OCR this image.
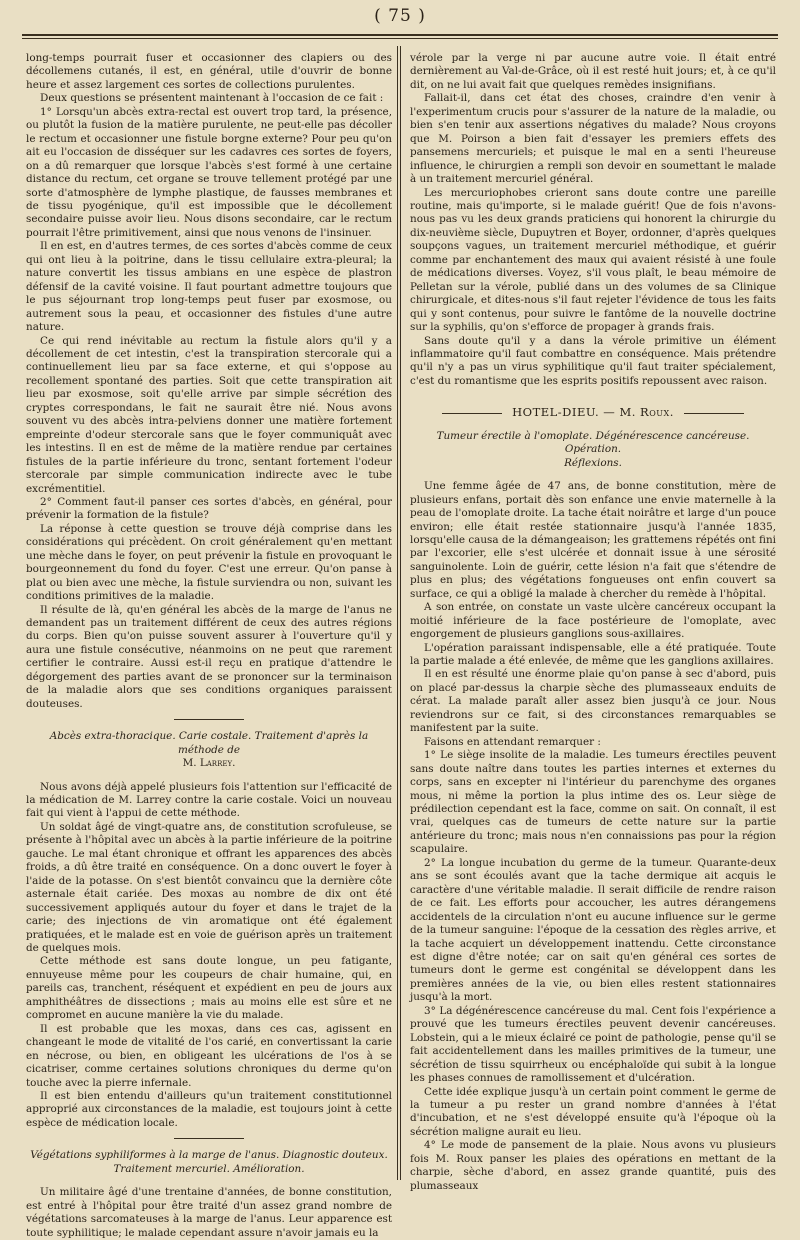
( 75 )

long-temps pourrait fuser et occasionner des clapiers ou des décollemens cutanés, il est, en général, utile d'ouvrir de bonne heure et assez largement ces sortes de collections purulentes.

Deux questions se présentent maintenant à l'occasion de ce fait :

1° Lorsqu'un abcès extra-rectal est ouvert trop tard, la présence, ou plutôt la fusion de la matière purulente, ne peut-elle pas décoller le rectum et occasionner une fistule borgne externe? Pour peu qu'on ait eu l'occasion de disséquer sur les cadavres ces sortes de foyers, on a dû remarquer que lorsque l'abcès s'est formé à une certaine distance du rectum, cet organe se trouve tellement protégé par une sorte d'atmosphère de lymphe plastique, de fausses membranes et de tissu pyogénique, qu'il est impossible que le décollement secondaire puisse avoir lieu. Nous disons secondaire, car le rectum pourrait l'être primitivement, ainsi que nous venons de l'insinuer.

Il en est, en d'autres termes, de ces sortes d'abcès comme de ceux qui ont lieu à la poitrine, dans le tissu cellulaire extra-pleural; la nature convertit les tissus ambians en une espèce de plastron défensif de la cavité voisine. Il faut pourtant admettre toujours que le pus séjournant trop long-temps peut fuser par exosmose, ou autrement sous la peau, et occasionner des fistules d'une autre nature.

Ce qui rend inévitable au rectum la fistule alors qu'il y a décollement de cet intestin, c'est la transpiration stercorale qui a continuellement lieu par sa face externe, et qui s'oppose au recollement spontané des parties. Soit que cette transpiration ait lieu par exosmose, soit qu'elle arrive par simple sécrétion des cryptes correspondans, le fait ne saurait être nié. Nous avons souvent vu des abcès intra-pelviens donner une matière fortement empreinte d'odeur stercorale sans que le foyer communiquât avec les intestins. Il en est de même de la matière rendue par certaines fistules de la partie inférieure du tronc, sentant fortement l'odeur stercorale par simple communication indirecte avec le tube excrémentitiel.

2° Comment faut-il panser ces sortes d'abcès, en général, pour prévenir la formation de la fistule?

La réponse à cette question se trouve déjà comprise dans les considérations qui précèdent. On croit généralement qu'en mettant une mèche dans le foyer, on peut prévenir la fistule en provoquant le bourgeonnement du fond du foyer. C'est une erreur. Qu'on panse à plat ou bien avec une mèche, la fistule surviendra ou non, suivant les conditions primitives de la maladie.

Il résulte de là, qu'en général les abcès de la marge de l'anus ne demandent pas un traitement différent de ceux des autres régions du corps. Bien qu'on puisse souvent assurer à l'ouverture qu'il y aura une fistule consécutive, néanmoins on ne peut que rarement certifier le contraire. Aussi est-il reçu en pratique d'attendre le dégorgement des parties avant de se prononcer sur la terminaison de la maladie alors que ses conditions organiques paraissent douteuses.

Abcès extra-thoracique. Carie costale. Traitement d'après la méthode de
M. Larrey.

Nous avons déjà appelé plusieurs fois l'attention sur l'efficacité de la médication de M. Larrey contre la carie costale. Voici un nouveau fait qui vient à l'appui de cette méthode.

Un soldat âgé de vingt-quatre ans, de constitution scrofuleuse, se présente à l'hôpital avec un abcès à la partie inférieure de la poitrine gauche. Le mal étant chronique et offrant les apparences des abcès froids, a dû être traité en conséquence. On a donc ouvert le foyer à l'aide de la potasse. On s'est bientôt convaincu que la dernière côte asternale était cariée. Des moxas au nombre de dix ont été successivement appliqués autour du foyer et dans le trajet de la carie; des injections de vin aromatique ont été également pratiquées, et le malade est en voie de guérison après un traitement de quelques mois.

Cette méthode est sans doute longue, un peu fatigante, ennuyeuse même pour les coupeurs de chair humaine, qui, en pareils cas, tranchent, réséquent et expédient en peu de jours aux amphithéâtres de dissections ; mais au moins elle est sûre et ne compromet en aucune manière la vie du malade.

Il est probable que les moxas, dans ces cas, agissent en changeant le mode de vitalité de l'os carié, en convertissant la carie en nécrose, ou bien, en obligeant les ulcérations de l'os à se cicatriser, comme certaines solutions chroniques du derme qu'on touche avec la pierre infernale.

Il est bien entendu d'ailleurs qu'un traitement constitutionnel approprié aux circonstances de la maladie, est toujours joint à cette espèce de médication locale.

Végétations syphiliformes à la marge de l'anus. Diagnostic douteux.
Traitement mercuriel. Amélioration.

Un militaire âgé d'une trentaine d'années, de bonne constitution, est entré à l'hôpital pour être traité d'un assez grand nombre de végétations sarcomateuses à la marge de l'anus. Leur apparence est toute syphilitique; le malade cependant assure n'avoir jamais eu la

vérole par la verge ni par aucune autre voie. Il était entré dernièrement au Val-de-Grâce, où il est resté huit jours; et, à ce qu'il dit, on ne lui avait fait que quelques remèdes insignifians.

Fallait-il, dans cet état des choses, craindre d'en venir à l'experimentum crucis pour s'assurer de la nature de la maladie, ou bien s'en tenir aux assertions négatives du malade? Nous croyons que M. Poirson a bien fait d'essayer les premiers effets des pansemens mercuriels; et puisque le mal en a senti l'heureuse influence, le chirurgien a rempli son devoir en soumettant le malade à un traitement mercuriel général.

Les mercuriophobes crieront sans doute contre une pareille routine, mais qu'importe, si le malade guérit! Que de fois n'avons-nous pas vu les deux grands praticiens qui honorent la chirurgie du dix-neuvième siècle, Dupuytren et Boyer, ordonner, d'après quelques soupçons vagues, un traitement mercuriel méthodique, et guérir comme par enchantement des maux qui avaient résisté à une foule de médications diverses. Voyez, s'il vous plaît, le beau mémoire de Pelletan sur la vérole, publié dans un des volumes de sa Clinique chirurgicale, et dites-nous s'il faut rejeter l'évidence de tous les faits qui y sont contenus, pour suivre le fantôme de la nouvelle doctrine sur la syphilis, qu'on s'efforce de propager à grands frais.

Sans doute qu'il y a dans la vérole primitive un élément inflammatoire qu'il faut combattre en conséquence. Mais prétendre qu'il n'y a pas un virus syphilitique qu'il faut traiter spécialement, c'est du romantisme que les esprits positifs repoussent avec raison.

HOTEL-DIEU. — M. Roux.
Tumeur érectile à l'omoplate. Dégénérescence cancéreuse. Opération.
Réflexions.

Une femme âgée de 47 ans, de bonne constitution, mère de plusieurs enfans, portait dès son enfance une envie maternelle à la peau de l'omoplate droite. La tache était noirâtre et large d'un pouce environ; elle était restée stationnaire jusqu'à l'année 1835, lorsqu'elle causa de la démangeaison; les grattemens répétés ont fini par l'excorier, elle s'est ulcérée et donnait issue à une sérosité sanguinolente. Loin de guérir, cette lésion n'a fait que s'étendre de plus en plus; des végétations fongueuses ont enfin couvert sa surface, ce qui a obligé la malade à chercher du remède à l'hôpital.

A son entrée, on constate un vaste ulcère cancéreux occupant la moitié inférieure de la face postérieure de l'omoplate, avec engorgement de plusieurs ganglions sous-axillaires.

L'opération paraissant indispensable, elle a été pratiquée. Toute la partie malade a été enlevée, de même que les ganglions axillaires.

Il en est résulté une énorme plaie qu'on panse à sec d'abord, puis on placé par-dessus la charpie sèche des plumasseaux enduits de cérat. La malade paraît aller assez bien jusqu'à ce jour. Nous reviendrons sur ce fait, si des circonstances remarquables se manifestent par la suite.

Faisons en attendant remarquer :

1° Le siège insolite de la maladie. Les tumeurs érectiles peuvent sans doute naître dans toutes les parties internes et externes du corps, sans en excepter ni l'intérieur du parenchyme des organes mous, ni même la portion la plus intime des os. Leur siège de prédilection cependant est la face, comme on sait. On connaît, il est vrai, quelques cas de tumeurs de cette nature sur la partie antérieure du tronc; mais nous n'en connaissions pas pour la région scapulaire.

2° La longue incubation du germe de la tumeur. Quarante-deux ans se sont écoulés avant que la tache dermique ait acquis le caractère d'une véritable maladie. Il serait difficile de rendre raison de ce fait. Les efforts pour accoucher, les autres dérangemens accidentels de la circulation n'ont eu aucune influence sur le germe de la tumeur sanguine: l'époque de la cessation des règles arrive, et la tache acquiert un développement inattendu. Cette circonstance est digne d'être notée; car on sait qu'en général ces sortes de tumeurs dont le germe est congénital se développent dans les premières années de la vie, ou bien elles restent stationnaires jusqu'à la mort.

3° La dégénérescence cancéreuse du mal. Cent fois l'expérience a prouvé que les tumeurs érectiles peuvent devenir cancéreuses. Lobstein, qui a le mieux éclairé ce point de pathologie, pense qu'il se fait accidentellement dans les mailles primitives de la tumeur, une sécrétion de tissu squirrheux ou encéphaloïde qui subit à la longue les phases connues de ramollissement et d'ulcération.

Cette idée explique jusqu'à un certain point comment le germe de la tumeur a pu rester un grand nombre d'années à l'état d'incubation, et ne s'est développé ensuite qu'à l'époque où la sécrétion maligne aurait eu lieu.

4° Le mode de pansement de la plaie. Nous avons vu plusieurs fois M. Roux panser les plaies des opérations en mettant de la charpie, sèche d'abord, en assez grande quantité, puis des plumasseaux
